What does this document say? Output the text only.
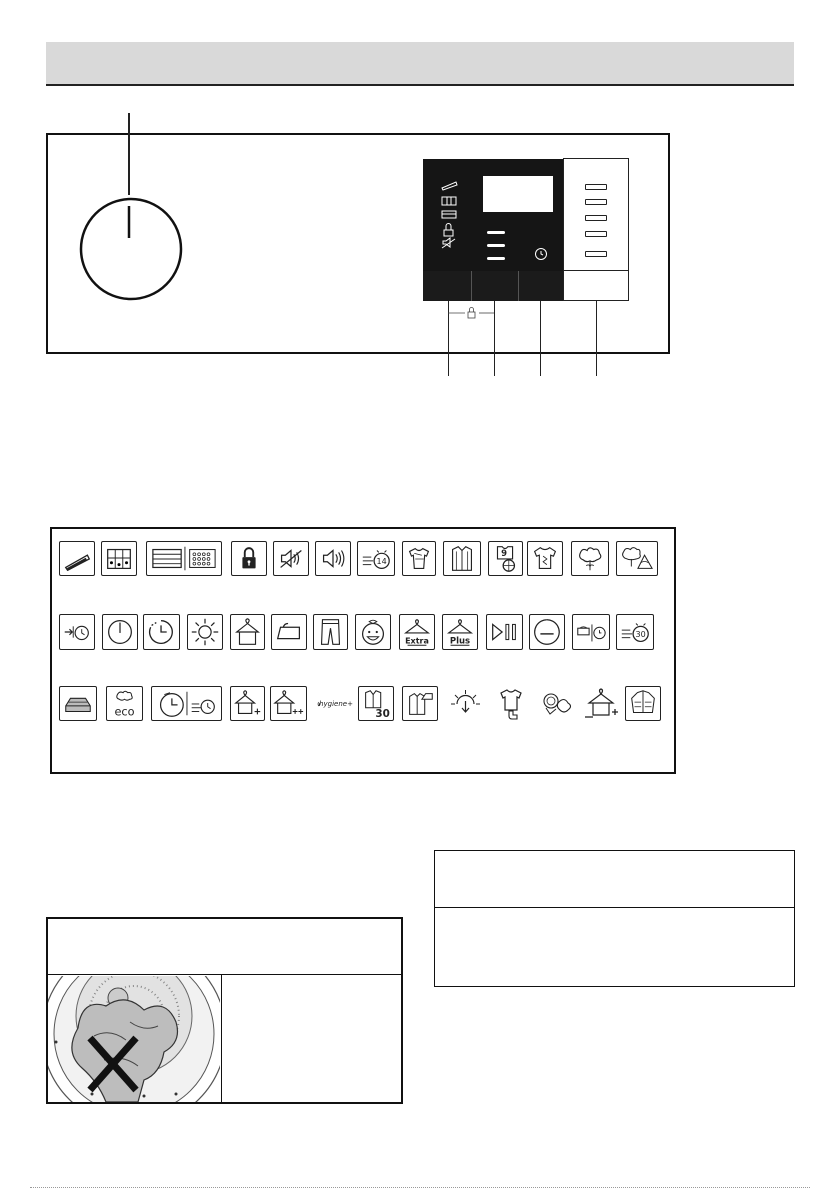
14
9
Extra Plus
30
eco
hygiene+
30
